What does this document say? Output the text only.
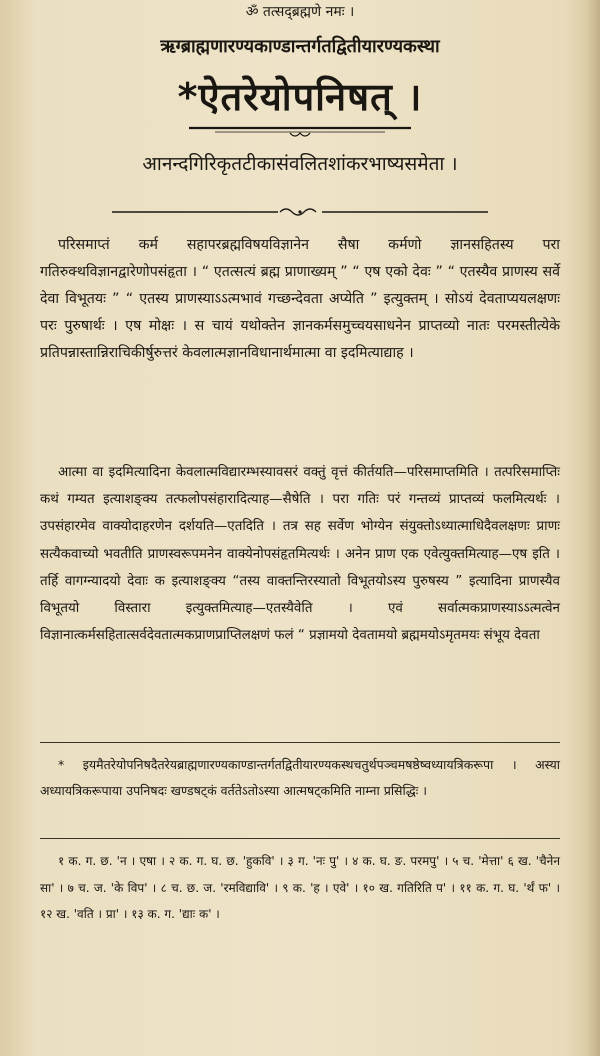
ॐ तत्सद्ब्रह्मणे नमः ।
ऋग्ब्राह्मणारण्यकाण्डान्तर्गतद्वितीयारण्यकस्था
*ऐतरेयोपनिषत् ।
आनन्दगिरिकृतटीकासंवलितशांकरभाष्यसमेता ।
परिसमाप्तं कर्म सहापरब्रह्मविषयविज्ञानेन सैषा कर्मणो ज्ञानसहितस्य परा गतिरुक्थविज्ञानद्वारेणोपसंहृता । “ एतत्सत्यं ब्रह्म प्राणाख्यम् ” “ एष एको देवः ” “ एतस्यैव प्राणस्य सर्वे देवा विभूतयः ” “ एतस्य प्राणस्याऽऽत्मभावं गच्छन्देवता अप्येति ” इत्युक्तम् । सोऽयं देवताप्ययलक्षणः परः पुरुषार्थः । एष मोक्षः । स चायं यथोक्तेन ज्ञानकर्मसमुच्चयसाधनेन प्राप्तव्यो नातः परमस्तीत्येके प्रतिपन्नास्तान्निराचिकीर्षुरुत्तरं केवलात्मज्ञानविधानार्थमात्मा वा इदमित्याद्याह ।
आत्मा वा इदमित्यादिना केवलात्मविद्यारम्भस्यावसरं वक्तुं वृत्तं कीर्तयति—परिसमाप्तमिति । तत्परिसमाप्तिः कथं गम्यत इत्याशङ्क्य तत्फलोपसंहारादित्याह—सैषेति । परा गतिः परं गन्तव्यं प्राप्तव्यं फलमित्यर्थः । उपसंहारमेव वाक्योदाहरणेन दर्शयति—एतदिति । तत्र सह सर्वेण भोग्येन संयुक्तोऽध्यात्माधिदैवलक्षणः प्राणः सत्यैकवाच्यो भवतीति प्राणस्वरूपमनेन वाक्येनोपसंहृतमित्यर्थः । अनेन प्राण एक एवेत्युक्तमित्याह—एष इति । तर्हि वागग्न्यादयो देवाः क इत्याशङ्क्य “तस्य वाक्तन्तिरस्यातो विभूतयोऽस्य पुरुषस्य ” इत्यादिना प्राणस्यैव विभूतयो विस्तारा इत्युक्तमित्याह—एतस्यैवेति । एवं सर्वात्मकप्राणस्याऽऽत्मत्वेन विज्ञानात्कर्मसहितात्सर्वदेवतात्मकप्राणप्राप्तिलक्षणं फलं “ प्रज्ञामयो देवतामयो ब्रह्ममयोऽमृतमयः संभूय देवता
* इयमैतरेयोपनिषदैतरेयब्राह्मणारण्यकाण्डान्तर्गतद्वितीयारण्यकस्थचतुर्थपञ्चमषष्ठेष्वध्यायत्रिकरूपा । अस्या अध्यायत्रिकरूपाया उपनिषदः खण्डषट्कं वर्ततेऽतोऽस्या आत्मषट्कमिति नाम्ना प्रसिद्धिः ।
१ क. ग. छ. 'न । एषा । २ क. ग. घ. छ. 'हुकवि' । ३ ग. 'नः पु' । ४ क. घ. ङ. परमपु' । ५ च. 'मेत्ता' ६ ख. 'चैनेन सा' । ७ च. ज. 'के विप' । ८ च. छ. ज. 'रमविद्यावि' । ९ क. 'ह । एवे' । १० ख. गतिरिति प' । ११ क. ग. घ. 'र्थं फ' । १२ ख. 'वति । प्रा' । १३ क. ग. 'द्याः क' ।
